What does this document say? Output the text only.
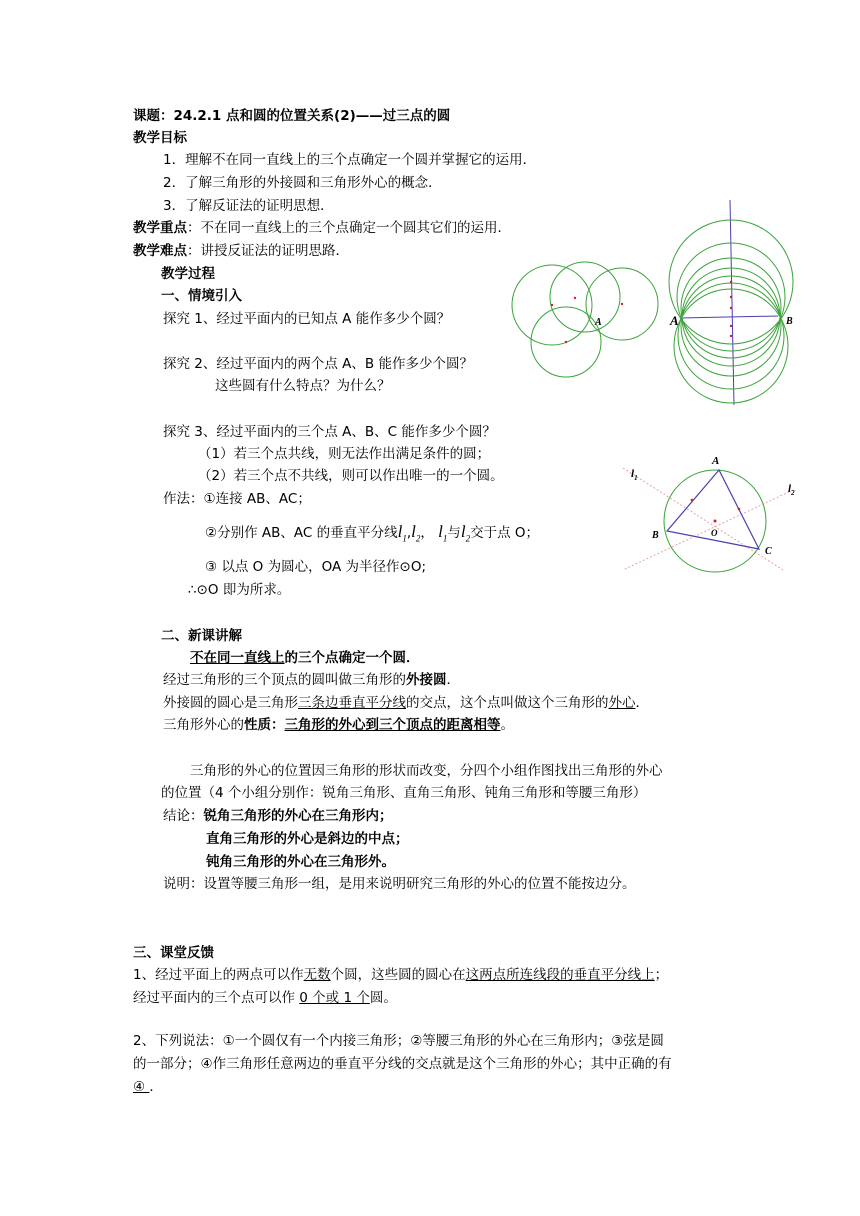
课题：24.2.1 点和圆的位置关系(2)——过三点的圆
教学目标
1．理解不在同一直线上的三个点确定一个圆并掌握它的运用．
2．了解三角形的外接圆和三角形外心的概念．
3．了解反证法的证明思想．
教学重点：不在同一直线上的三个点确定一个圆其它们的运用．
教学难点：讲授反证法的证明思路．
教学过程
一、情境引入
探究 1、经过平面内的已知点 A 能作多少个圆？
探究 2、经过平面内的两个点 A、B 能作多少个圆？
这些圆有什么特点？为什么？
探究 3、经过平面内的三个点 A、B、C 能作多少个圆？
（1）若三个点共线，则无法作出满足条件的圆；
（2）若三个点不共线，则可以作出唯一的一个圆。
作法：①连接 AB、AC；
②分别作 AB、AC 的垂直平分线$l_1,l_2$， $l_1$与$l_2$交于点 O；
③ 以点 O 为圆心，OA 为半径作⊙O;
∴⊙O 即为所求。
二、新课讲解
不在同一直线上的三个点确定一个圆．
经过三角形的三个顶点的圆叫做三角形的外接圆．
外接圆的圆心是三角形三条边垂直平分线的交点，这个点叫做这个三角形的外心．
三角形外心的性质：三角形的外心到三个顶点的距离相等。
三角形的外心的位置因三角形的形状而改变，分四个小组作图找出三角形的外心
的位置（4 个小组分别作：锐角三角形、直角三角形、钝角三角形和等腰三角形）
结论：锐角三角形的外心在三角形内；
直角三角形的外心是斜边的中点；
钝角三角形的外心在三角形外。
说明：设置等腰三角形一组，是用来说明研究三角形的外心的位置不能按边分。
三、课堂反馈
1、经过平面上的两点可以作无数个圆，这些圆的圆心在这两点所连线段的垂直平分线上；
经过平面内的三个点可以作 0 个或 1 个圆。
2、下列说法：①一个圆仅有一个内接三角形；②等腰三角形的外心在三角形内；③弦是圆
的一部分；④作三角形任意两边的垂直平分线的交点就是这个三角形的外心；其中正确的有
④ ．
A	A	B
A
B
C
O
$l_1$
$l_2$
